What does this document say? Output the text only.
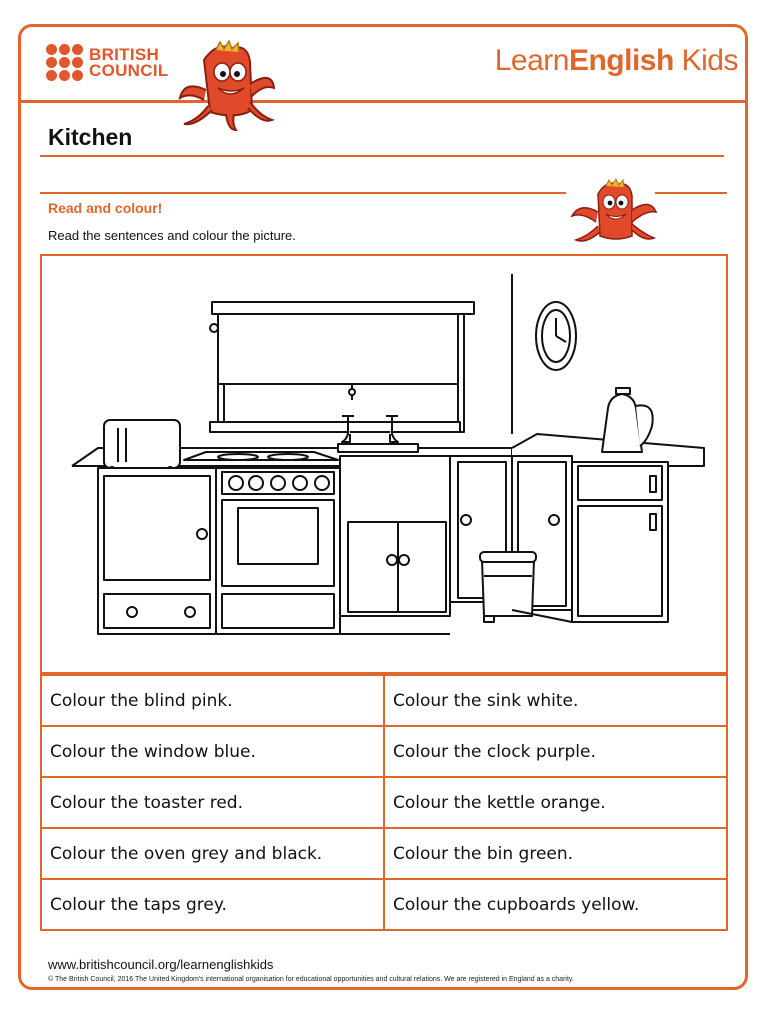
BRITISH
COUNCIL	LearnEnglish Kids
Kitchen
Read and colour!
Read the sentences and colour the picture.
Colour the blind pink.	Colour the sink white.
Colour the window blue.	Colour the clock purple.
Colour the toaster red.	Colour the kettle orange.
Colour the oven grey and black.	Colour the bin green.
Colour the taps grey.	Colour the cupboards yellow.
www.britishcouncil.org/learnenglishkids
© The British Council, 2016 The United Kingdom's international organisation for educational opportunities and cultural relations. We are registered in England as a charity.
